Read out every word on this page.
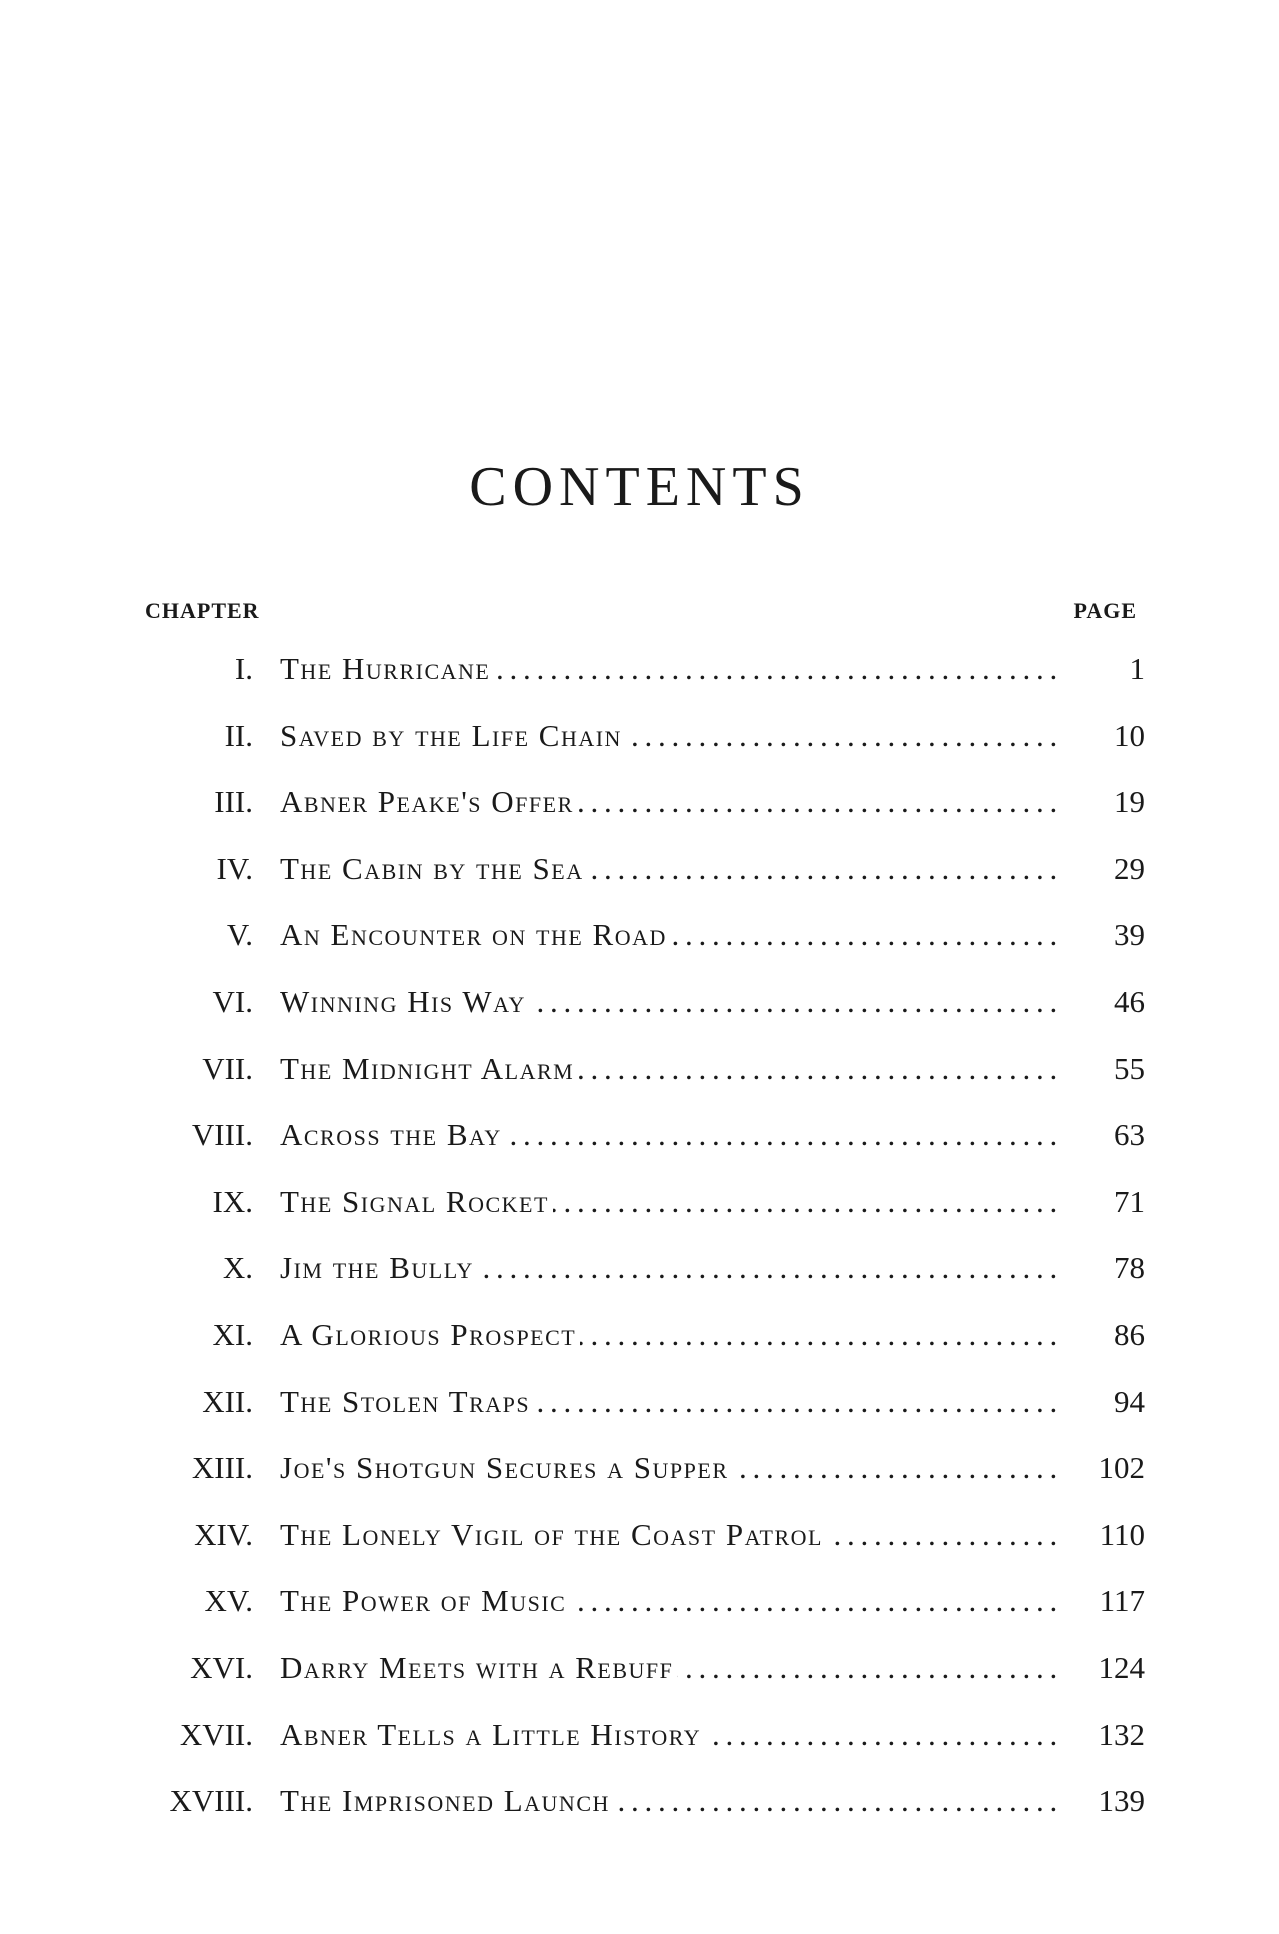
CONTENTS
CHAPTER	PAGE
I. The Hurricane . . .	1
II. Saved by the Life Chain . . .	10
III. Abner Peake's Offer . . .	19
IV. The Cabin by the Sea . . .	29
V. An Encounter on the Road . . .	39
VI. Winning His Way . . .	46
VII. The Midnight Alarm . . .	55
VIII. Across the Bay . . .	63
IX. The Signal Rocket . . .	71
X. Jim the Bully . . .	78
XI. A Glorious Prospect . . .	86
XII. The Stolen Traps . . .	94
XIII. Joe's Shotgun Secures a Supper . . .	102
XIV. The Lonely Vigil of the Coast Patrol . . .	110
XV. The Power of Music . . .	117
XVI. Darry Meets with a Rebuff . . .	124
XVII. Abner Tells a Little History . . .	132
XVIII. The Imprisoned Launch . . .	139
